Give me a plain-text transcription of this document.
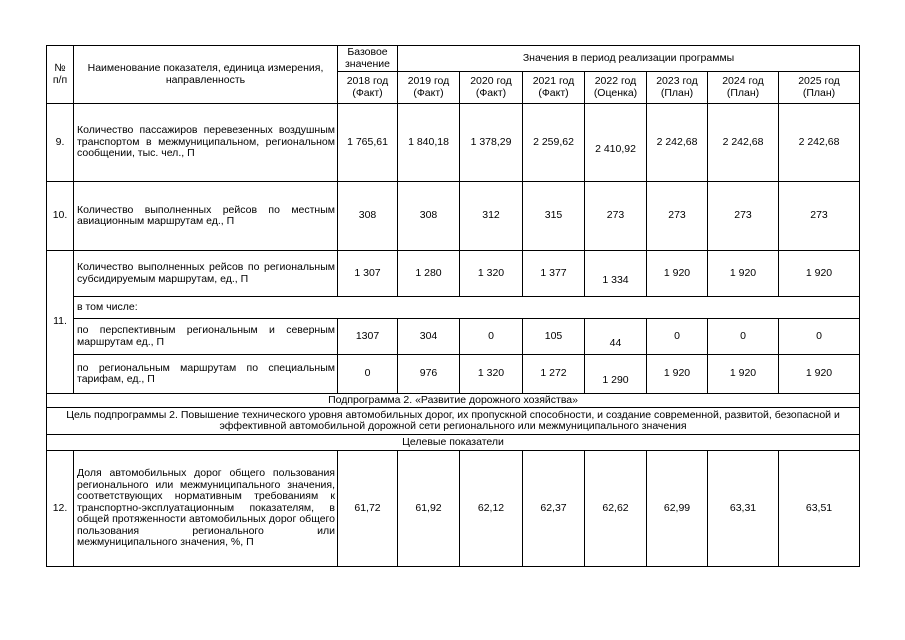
№ п/п	Наименование показателя, единица измерения, направленность	Базовое значение	Значения в период реализации программы						
		2018 год (Факт)	2019 год (Факт)	2020 год (Факт)	2021 год (Факт)	2022 год (Оценка)	2023 год (План)	2024 год (План)	2025 год (План)
9.	Количество пассажиров перевезенных воздушным транспортом в межмуниципальном, региональном сообщении, тыс. чел., П	1 765,61	1 840,18	1 378,29	2 259,62	2 410,92	2 242,68	2 242,68	2 242,68
10.	Количество выполненных рейсов по местным авиационным маршрутам ед., П	308	308	312	315	273	273	273	273
11.	Количество выполненных рейсов по региональным субсидируемым маршрутам, ед., П	1 307	1 280	1 320	1 377	1 334	1 920	1 920	1 920
	в том числе:								
	по перспективным региональным и северным маршрутам ед., П	1307	304	0	105	44	0	0	0
	по региональным маршрутам по специальным тарифам, ед., П	0	976	1 320	1 272	1 290	1 920	1 920	1 920
Подпрограмма 2. «Развитие дорожного хозяйства»									
Цель подпрограммы 2. Повышение технического уровня автомобильных дорог, их пропускной способности, и создание современной, развитой, безопасной и эффективной автомобильной дорожной сети регионального или межмуниципального значения									
Целевые показатели									
12.	Доля автомобильных дорог общего пользования регионального или межмуниципального значения, соответствующих нормативным требованиям к транспортно-эксплуатационным показателям, в общей протяженности автомобильных дорог общего пользования регионального или межмуниципального значения, %, П	61,72	61,92	62,12	62,37	62,62	62,99	63,31	63,51
